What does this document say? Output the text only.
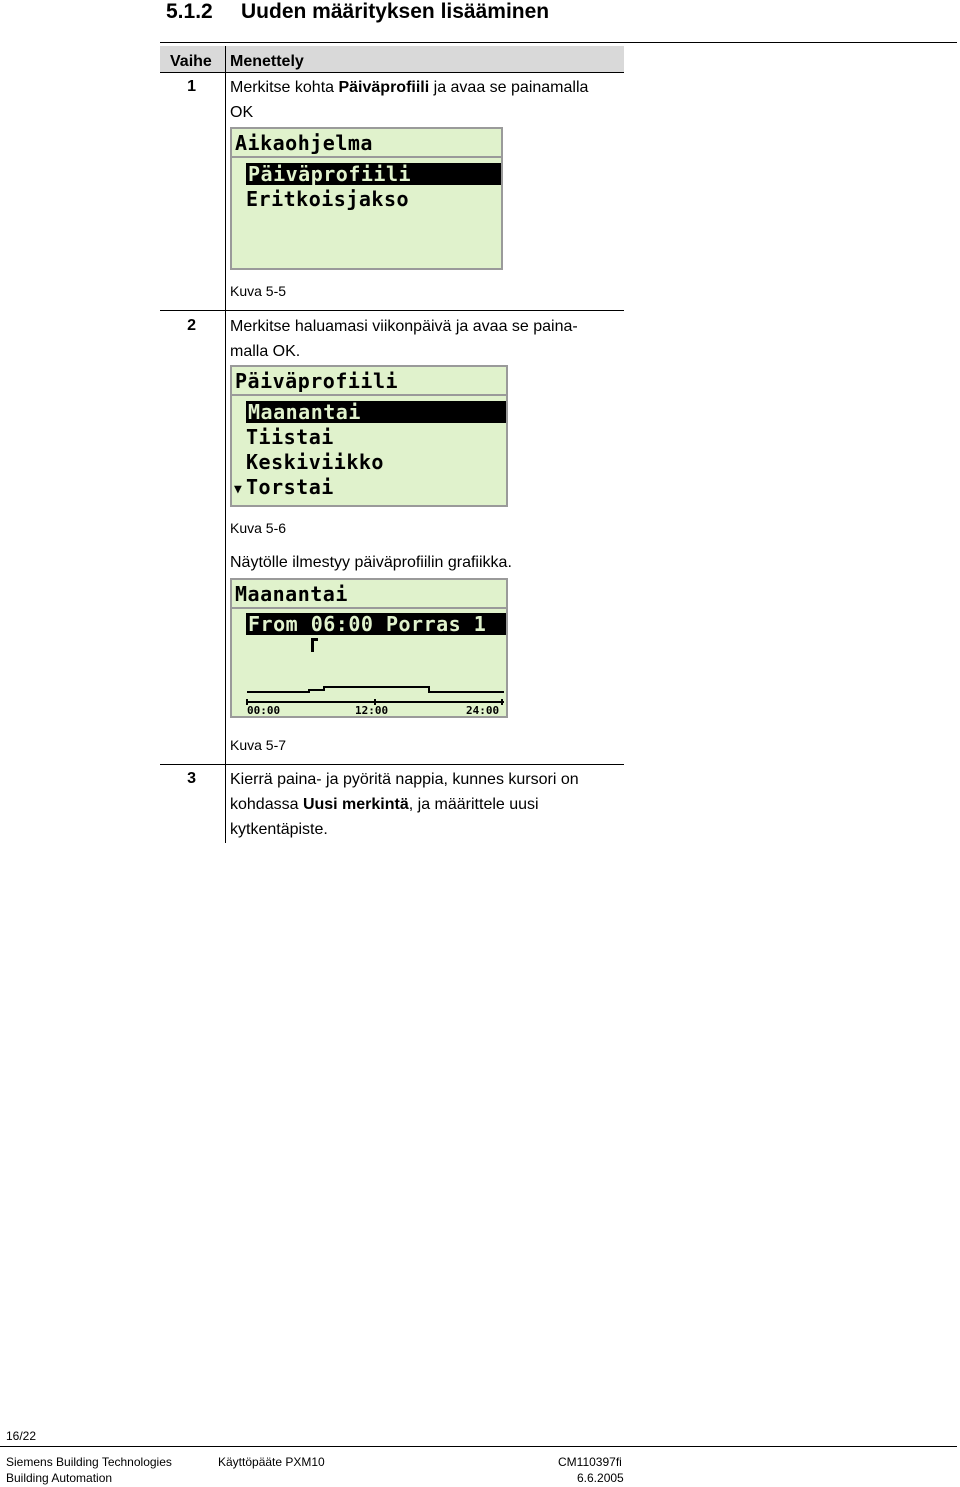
5.1.2 Uuden määrityksen lisääminen
Vaihe Menettely
1 Merkitse kohta Päiväprofiili ja avaa se painamalla
OK
Aikaohjelma
Päiväprofiili
Eritkoisjakso
Kuva 5-5
2 Merkitse haluamasi viikonpäivä ja avaa se paina-
malla OK.
Päiväprofiili
Maanantai
Tiistai
Keskiviikko
Torstai
▼
Kuva 5-6
Näytölle ilmestyy päiväprofiilin grafiikka.
Maanantai
From 06:00 Porras 1
00:00	12:00	24:00
Kuva 5-7
3 Kierrä paina- ja pyöritä nappia, kunnes kursori on
kohdassa Uusi merkintä, ja määrittele uusi
kytkentäpiste.
16/22
Siemens Building Technologies
Building Automation
Käyttöpääte PXM10	CM110397fi
6.6.2005
